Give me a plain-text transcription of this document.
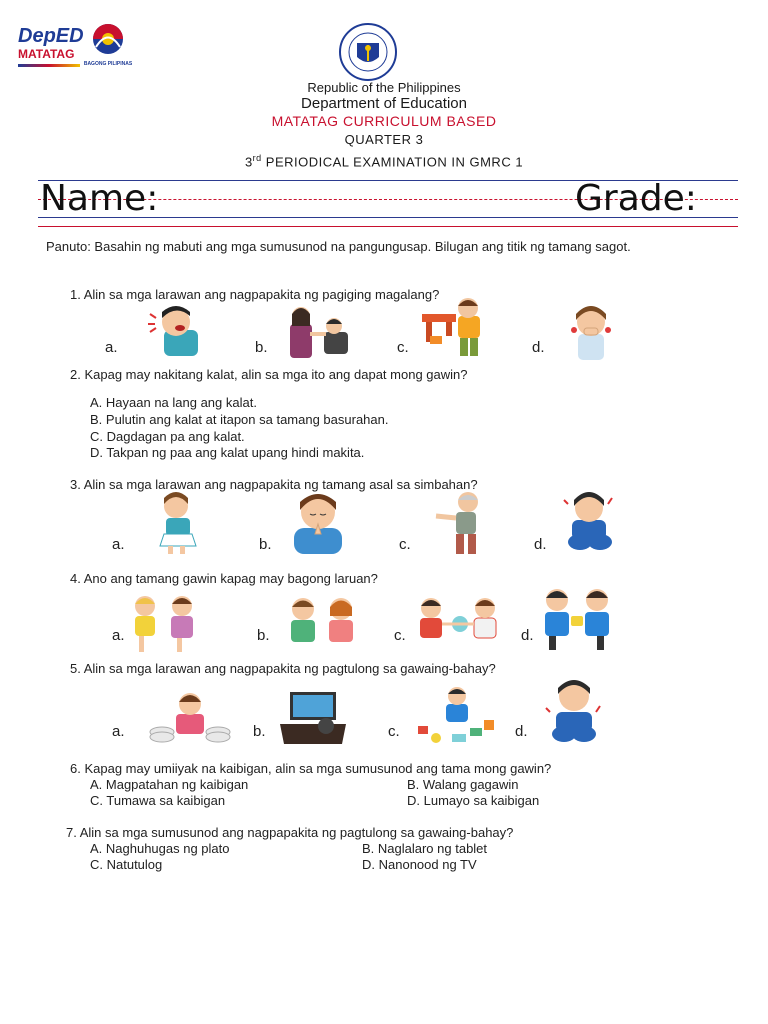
DepED
MATATAG
BAGONG PILIPINAS
Republic of the Philippines
Department of Education
MATATAG CURRICULUM BASED
QUARTER 3
3rd PERIODICAL EXAMINATION IN GMRC 1
Name:	Grade:
Panuto: Basahin ng mabuti ang mga sumusunod na pangungusap. Bilugan ang titik ng tamang sagot.
1. Alin sa mga larawan ang nagpapakita ng pagiging magalang?
a.	b.	c.	d.
2. Kapag may nakitang kalat, alin sa mga ito ang dapat mong gawin?
A. Hayaan na lang ang kalat.
B. Pulutin ang kalat at itapon sa tamang basurahan.
C. Dagdagan pa ang kalat.
D. Takpan ng paa ang kalat upang hindi makita.
3. Alin sa mga larawan ang nagpapakita ng tamang asal sa simbahan?
a.	b.	c.	d.
4. Ano ang tamang gawin kapag may bagong laruan?
a.	b.	c.	d.
5. Alin sa mga larawan ang nagpapakita ng pagtulong sa gawaing-bahay?
a.	b.	c.	d.
6. Kapag may umiiyak na kaibigan, alin sa mga sumusunod ang tama mong gawin?
A. Magpatahan ng kaibigan	B. Walang gagawin
C. Tumawa sa kaibigan	D. Lumayo sa kaibigan
7. Alin sa mga sumusunod ang nagpapakita ng pagtulong sa gawaing-bahay?
A. Naghuhugas ng plato	B. Naglalaro ng tablet
C. Natutulog	D. Nanonood ng TV
